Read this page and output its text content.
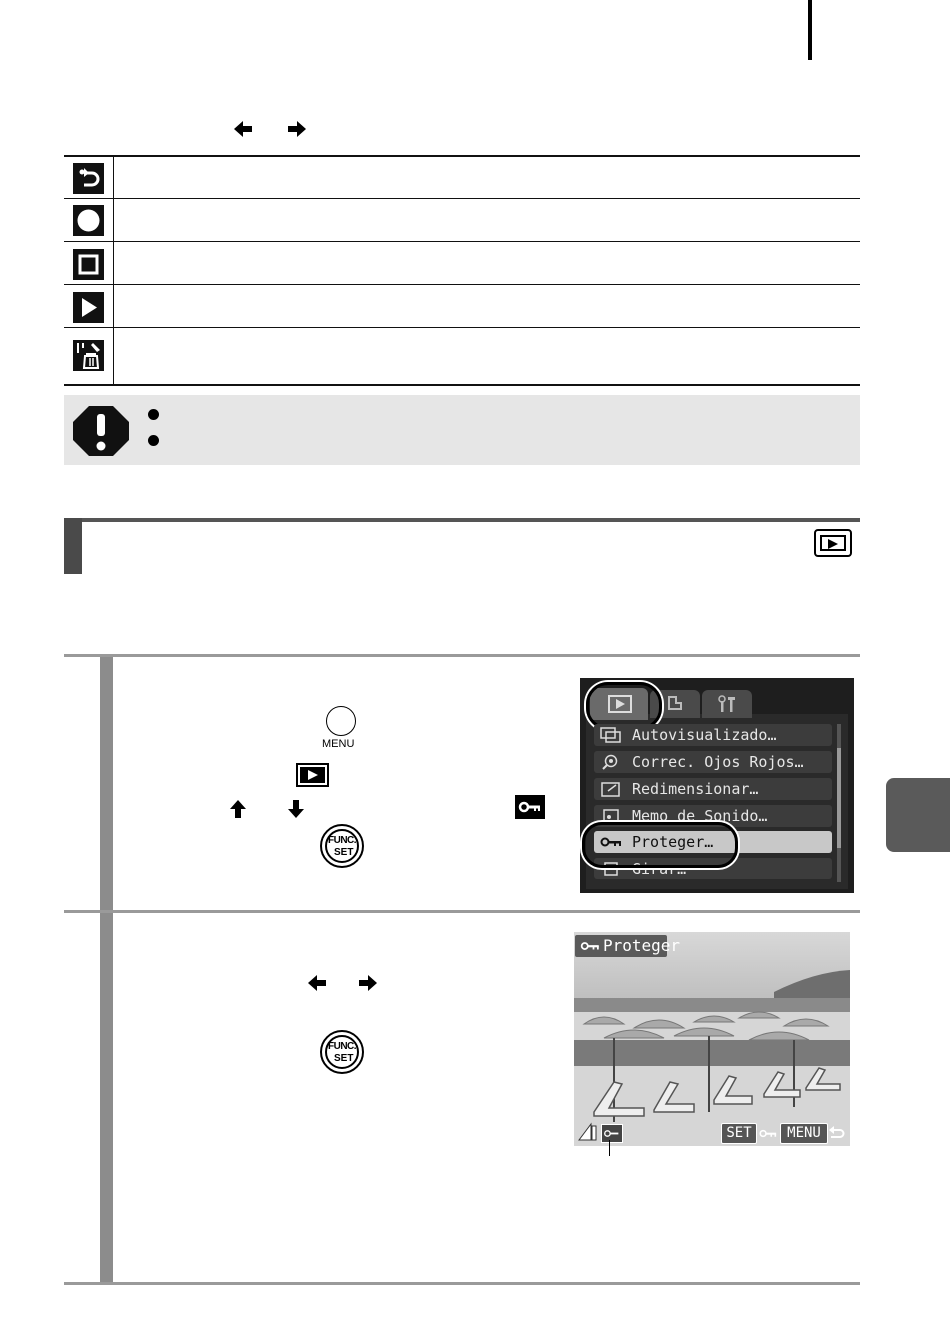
MENU
FUNC.
SET
Autovisualizado…
Correc. Ojos Rojos…
Redimensionar…
Memo de Sonido…
Proteger…
Girar…
FUNC.
SET
Proteger
SET	MENU
